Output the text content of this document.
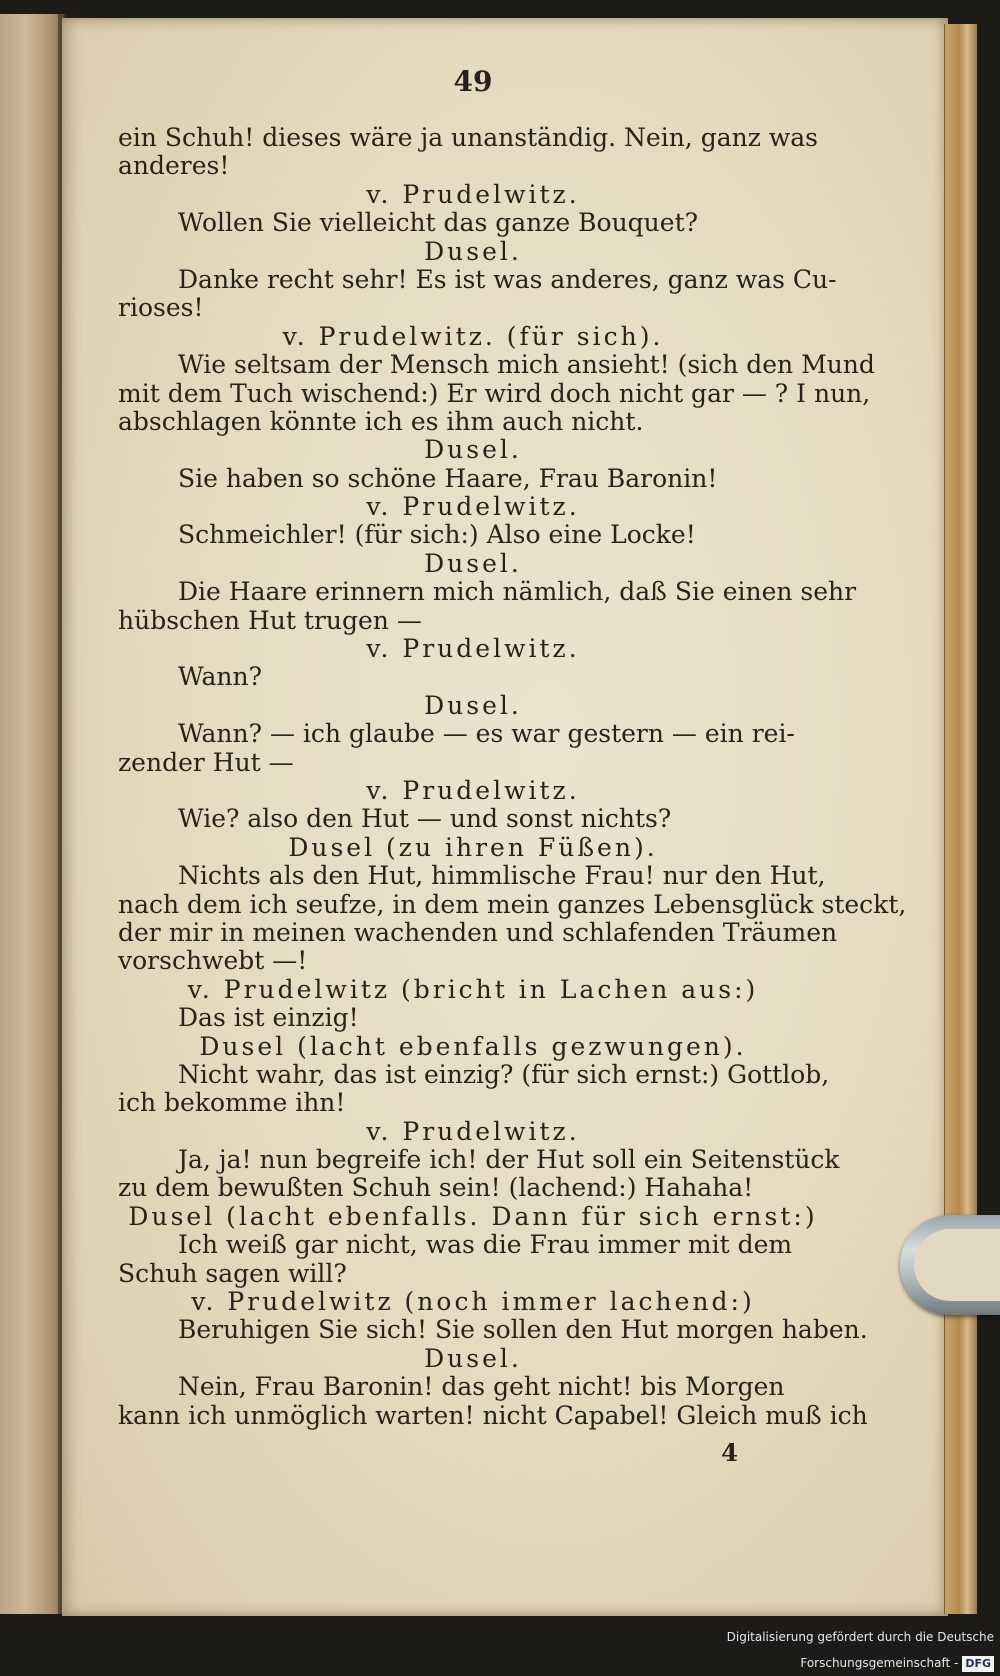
49
ein Schuh! dieses wäre ja unanständig. Nein, ganz was
anderes!
v. Prudelwitz.
Wollen Sie vielleicht das ganze Bouquet?
Dusel.
Danke recht sehr! Es ist was anderes, ganz was Cu-
rioses!
v. Prudelwitz. (für sich).
Wie seltsam der Mensch mich ansieht! (sich den Mund
mit dem Tuch wischend:) Er wird doch nicht gar — ? I nun,
abschlagen könnte ich es ihm auch nicht.
Dusel.
Sie haben so schöne Haare, Frau Baronin!
v. Prudelwitz.
Schmeichler! (für sich:) Also eine Locke!
Dusel.
Die Haare erinnern mich nämlich, daß Sie einen sehr
hübschen Hut trugen —
v. Prudelwitz.
Wann?
Dusel.
Wann? — ich glaube — es war gestern — ein rei-
zender Hut —
v. Prudelwitz.
Wie? also den Hut — und sonst nichts?
Dusel (zu ihren Füßen).
Nichts als den Hut, himmlische Frau! nur den Hut,
nach dem ich seufze, in dem mein ganzes Lebensglück steckt,
der mir in meinen wachenden und schlafenden Träumen
vorschwebt —!
v. Prudelwitz (bricht in Lachen aus:)
Das ist einzig!
Dusel (lacht ebenfalls gezwungen).
Nicht wahr, das ist einzig? (für sich ernst:) Gottlob,
ich bekomme ihn!
v. Prudelwitz.
Ja, ja! nun begreife ich! der Hut soll ein Seitenstück
zu dem bewußten Schuh sein! (lachend:) Hahaha!
Dusel (lacht ebenfalls. Dann für sich ernst:)
Ich weiß gar nicht, was die Frau immer mit dem
Schuh sagen will?
v. Prudelwitz (noch immer lachend:)
Beruhigen Sie sich! Sie sollen den Hut morgen haben.
Dusel.
Nein, Frau Baronin! das geht nicht! bis Morgen
kann ich unmöglich warten! nicht Capabel! Gleich muß ich
4
Digitalisierung gefördert durch die Deutsche Forschungsgemeinschaft - DFG
